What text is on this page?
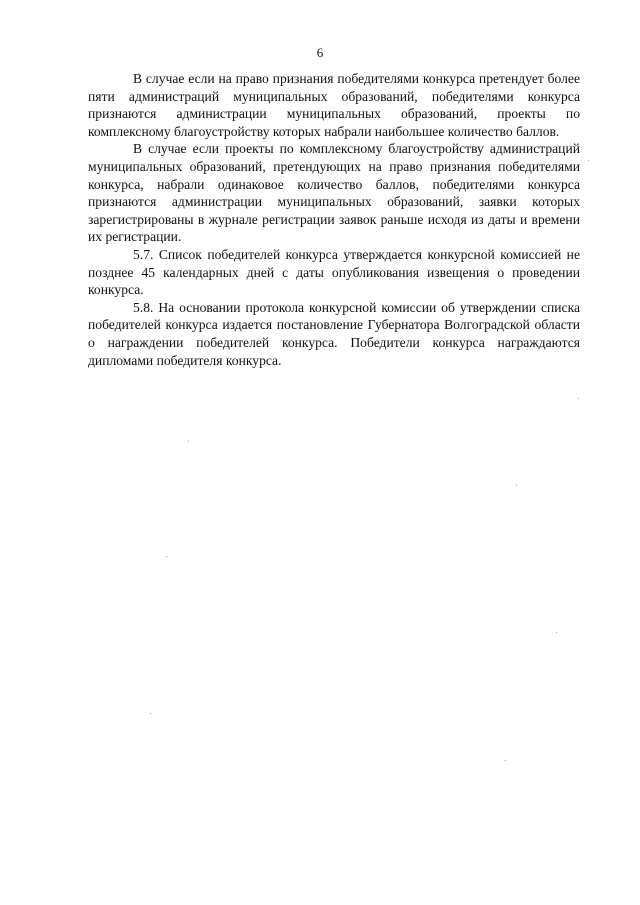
6

В случае если на право признания победителями конкурса претендует более пяти администраций муниципальных образований, победителями конкурса признаются администрации муниципальных образований, проекты по комплексному благоустройству которых набрали наибольшее количество баллов.

В случае если проекты по комплексному благоустройству администраций муниципальных образований, претендующих на право признания победителями конкурса, набрали одинаковое количество баллов, победителями конкурса признаются администрации муниципальных образований, заявки которых зарегистрированы в журнале регистрации заявок раньше исходя из даты и времени их регистрации.

5.7. Список победителей конкурса утверждается конкурсной комиссией не позднее 45 календарных дней с даты опубликования извещения о проведении конкурса.

5.8. На основании протокола конкурсной комиссии об утверждении списка победителей конкурса издается постановление Губернатора Волгоградской области о награждении победителей конкурса. Победители конкурса награждаются дипломами победителя конкурса.
